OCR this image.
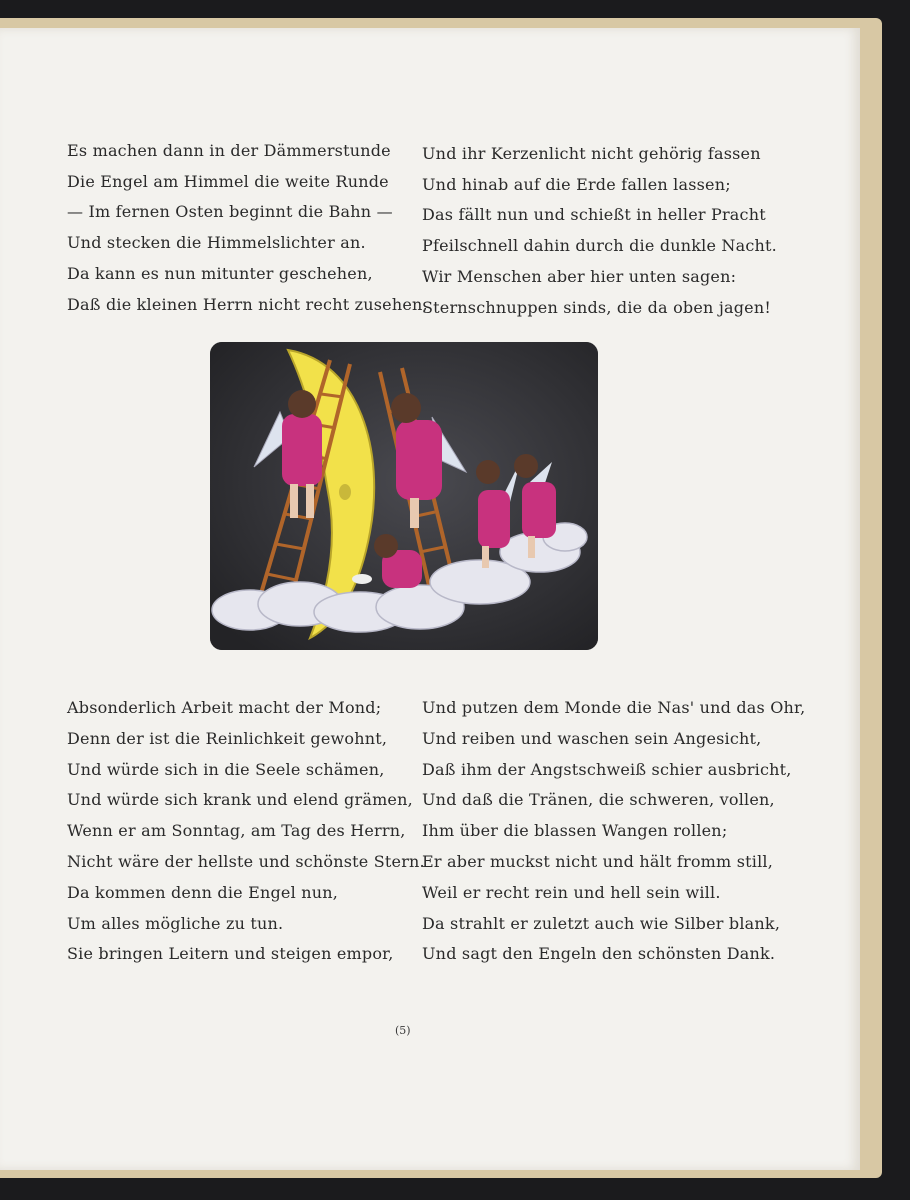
Es machen dann in der Dämmerstunde
Die Engel am Himmel die weite Runde
— Im fernen Osten beginnt die Bahn —
Und stecken die Himmelslichter an.
Da kann es nun mitunter geschehen,
Daß die kleinen Herrn nicht recht zusehen,
Und ihr Kerzenlicht nicht gehörig fassen
Und hinab auf die Erde fallen lassen;
Das fällt nun und schießt in heller Pracht
Pfeilschnell dahin durch die dunkle Nacht.
Wir Menschen aber hier unten sagen:
Sternschnuppen sinds, die da oben jagen!
Absonderlich Arbeit macht der Mond;
Denn der ist die Reinlichkeit gewohnt,
Und würde sich in die Seele schämen,
Und würde sich krank und elend grämen,
Wenn er am Sonntag, am Tag des Herrn,
Nicht wäre der hellste und schönste Stern.
Da kommen denn die Engel nun,
Um alles mögliche zu tun.
Sie bringen Leitern und steigen empor,
Und putzen dem Monde die Nas' und das Ohr,
Und reiben und waschen sein Angesicht,
Daß ihm der Angstschweiß schier ausbricht,
Und daß die Tränen, die schweren, vollen,
Ihm über die blassen Wangen rollen;
Er aber muckst nicht und hält fromm still,
Weil er recht rein und hell sein will.
Da strahlt er zuletzt auch wie Silber blank,
Und sagt den Engeln den schönsten Dank.
(5)
